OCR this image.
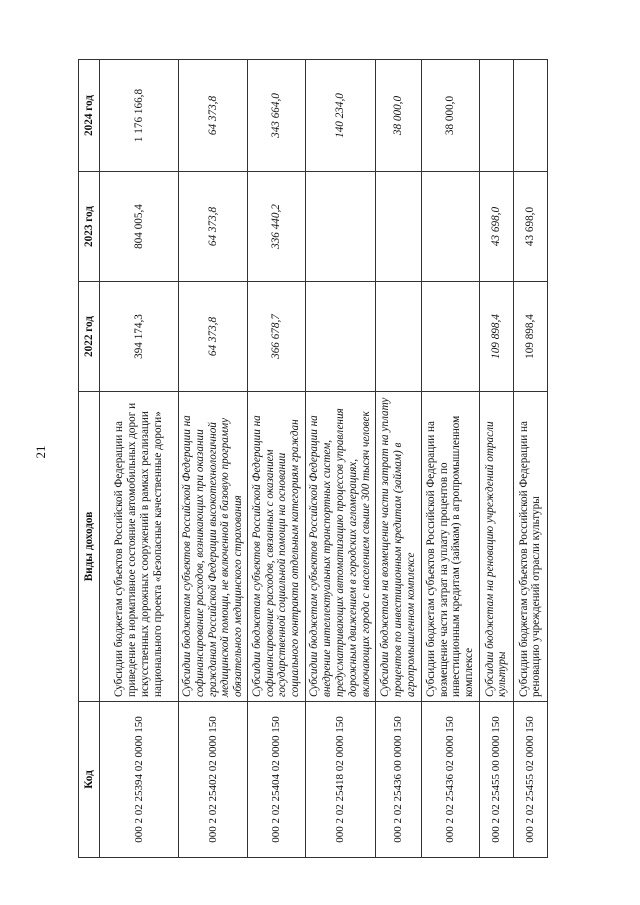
21
Код	Виды доходов	2022 год	2023 год	2024 год
000 2 02 25394 02 0000 150	Субсидии бюджетам субъектов Российской Федерации на приведение в нормативное состояние автомобильных дорог и искусственных дорожных сооружений в рамках реализации национального проекта «Безопасные качественные дороги»	394 174,3	804 005,4	1 176 166,8
000 2 02 25402 02 0000 150	Субсидии бюджетам субъектов Российской Федерации на софинансирование расходов, возникающих при оказании гражданам Российской Федерации высокотехнологичной медицинской помощи, не включенной в базовую программу обязательного медицинского страхования	64 373,8	64 373,8	64 373,8
000 2 02 25404 02 0000 150	Субсидии бюджетам субъектов Российской Федерации на софинансирование расходов, связанных с оказанием государственной социальной помощи на основании социального контракта отдельным категориям граждан	366 678,7	336 440,2	343 664,0
000 2 02 25418 02 0000 150	Субсидии бюджетам субъектов Российской Федерации на внедрение интеллектуальных транспортных систем, предусматривающих автоматизацию процессов управления дорожным движением в городских агломерациях, включающих города с населением свыше 300 тысяч человек			140 234,0
000 2 02 25436 00 0000 150	Субсидии бюджетам на возмещение части затрат на уплату процентов по инвестиционным кредитам (займам) в агропромышленном комплексе			38 000,0
000 2 02 25436 02 0000 150	Субсидии бюджетам субъектов Российской Федерации на возмещение части затрат на уплату процентов по инвестиционным кредитам (займам) в агропромышленном комплексе			38 000,0
000 2 02 25455 00 0000 150	Субсидии бюджетам на реновацию учреждений отрасли культуры	109 898,4	43 698,0	
000 2 02 25455 02 0000 150	Субсидии бюджетам субъектов Российской Федерации на реновацию учреждений отрасли культуры	109 898,4	43 698,0	
